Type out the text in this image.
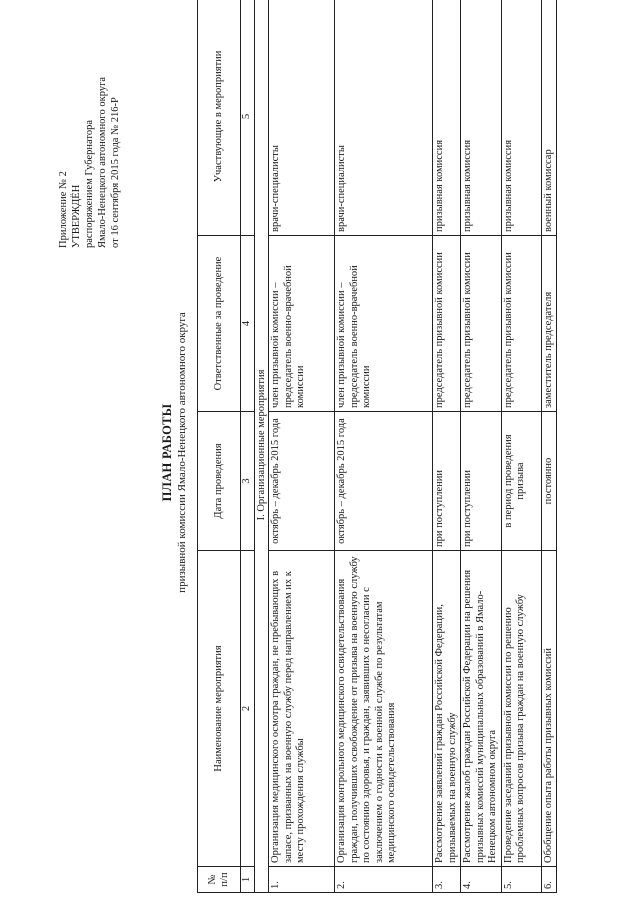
Приложение № 2 УТВЕРЖДЁН распоряжением Губернатора Ямало-Ненецкого автономного округа от 16 сентября 2015 года № 216-Р
ПЛАН РАБОТЫ призывной комиссии Ямало-Ненецкого автономного округа
№ п/п	Наименование мероприятия	Дата проведения	Ответственные за проведение	Участвующие в мероприятии
1	2	3	4	5
I. Организационные мероприятия				
1.	Организация медицинского осмотра граждан, не пребывающих в запасе, призванных на военную службу перед направлением их к месту прохождения службы	октябрь – декабрь 2015 года	член призывной комиссии – председатель военно-врачебной комиссии	врачи-специалисты
2.	Организация контрольного медицинского освидетельствования граждан, получивших освобождение от призыва на военную службу по состоянию здоровья, и граждан, заявивших о несогласии с заключением о годности к военной службе по результатам медицинского освидетельствования	октябрь – декабрь 2015 года	член призывной комиссии – председатель военно-врачебной комиссии	врачи-специалисты
3.	Рассмотрение заявлений граждан Российской Федерации, призываемых на военную службу	при поступлении	председатель призывной комиссии	призывная комиссия
4.	Рассмотрение жалоб граждан Российской Федерации на решения призывных комиссий муниципальных образований в Ямало-Ненецком автономном округа	при поступлении	председатель призывной комиссии	призывная комиссия
5.	Проведение заседаний призывной комиссии по решению проблемных вопросов призыва граждан на военную службу	в период проведения призыва	председатель призывной комиссии	призывная комиссия
6.	Обобщение опыта работы призывных комиссий	постоянно	заместитель председателя	военный комиссар
